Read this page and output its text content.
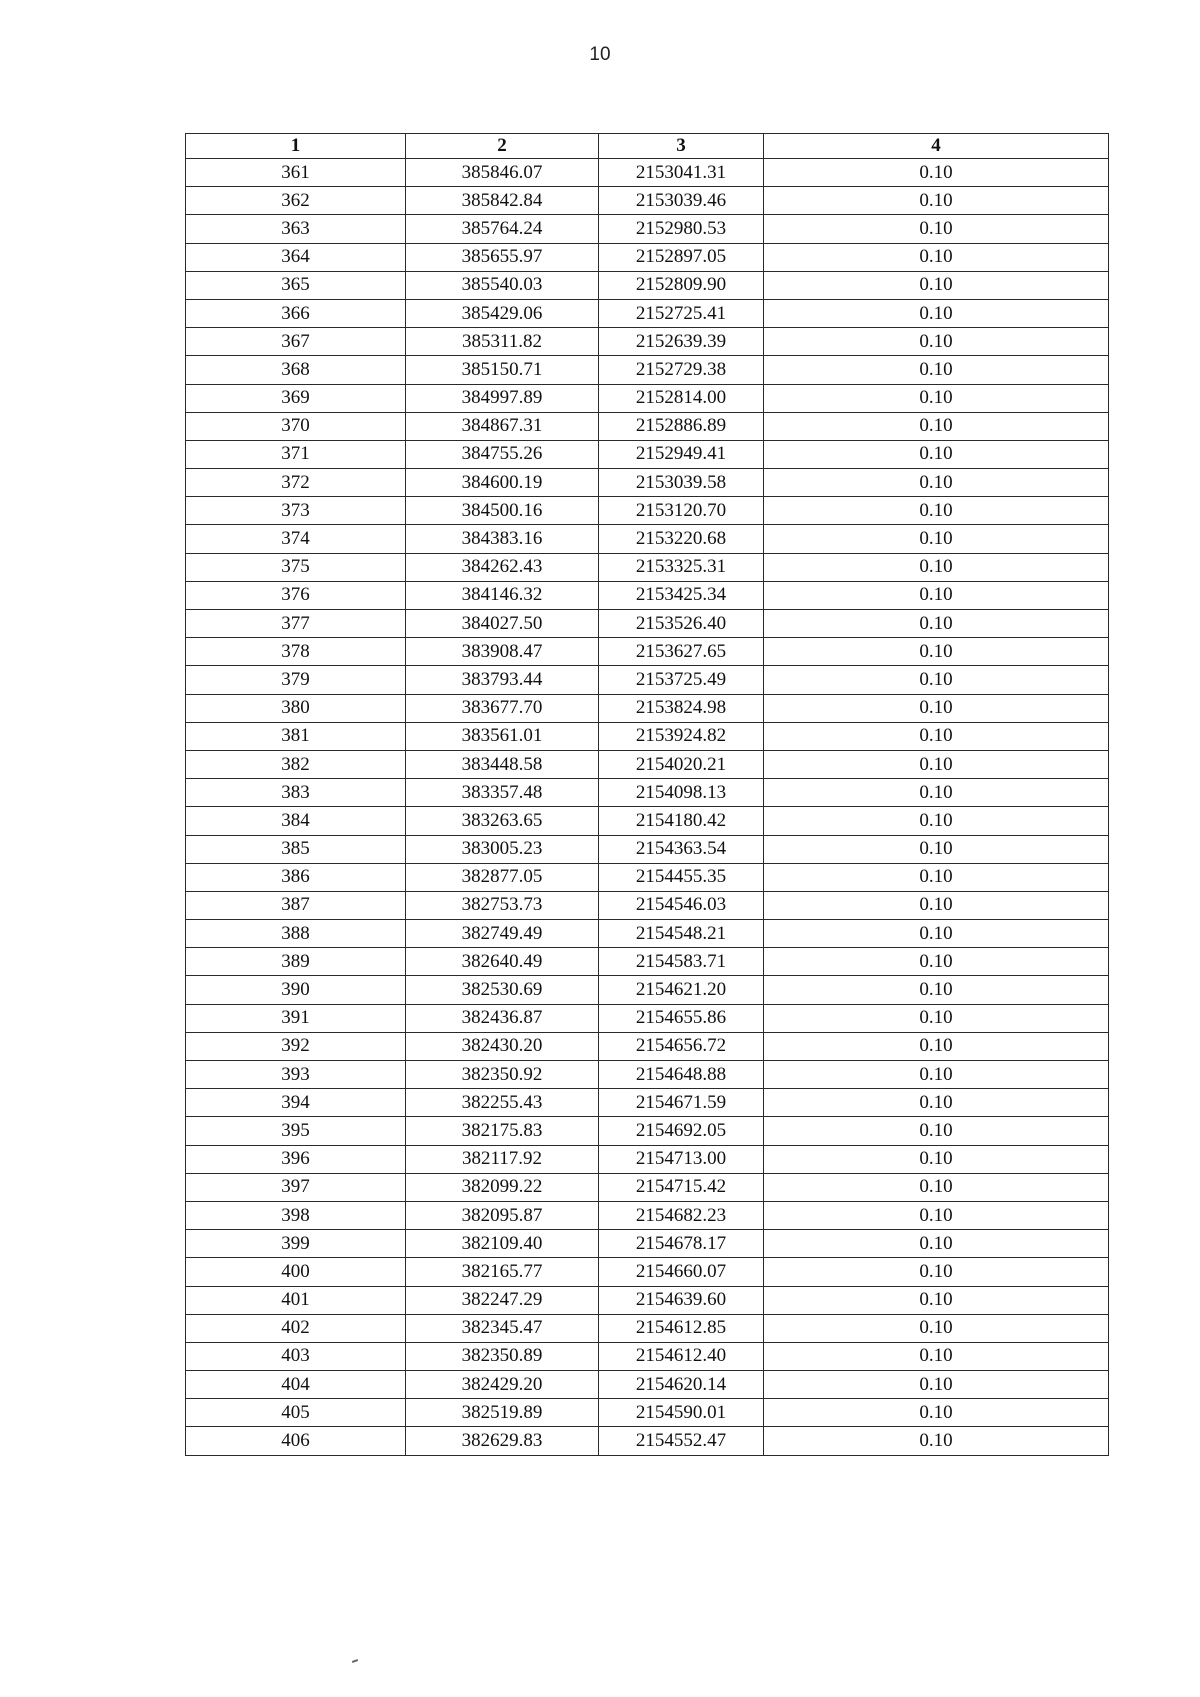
10
1	2	3	4
361	385846.07	2153041.31	0.10
362	385842.84	2153039.46	0.10
363	385764.24	2152980.53	0.10
364	385655.97	2152897.05	0.10
365	385540.03	2152809.90	0.10
366	385429.06	2152725.41	0.10
367	385311.82	2152639.39	0.10
368	385150.71	2152729.38	0.10
369	384997.89	2152814.00	0.10
370	384867.31	2152886.89	0.10
371	384755.26	2152949.41	0.10
372	384600.19	2153039.58	0.10
373	384500.16	2153120.70	0.10
374	384383.16	2153220.68	0.10
375	384262.43	2153325.31	0.10
376	384146.32	2153425.34	0.10
377	384027.50	2153526.40	0.10
378	383908.47	2153627.65	0.10
379	383793.44	2153725.49	0.10
380	383677.70	2153824.98	0.10
381	383561.01	2153924.82	0.10
382	383448.58	2154020.21	0.10
383	383357.48	2154098.13	0.10
384	383263.65	2154180.42	0.10
385	383005.23	2154363.54	0.10
386	382877.05	2154455.35	0.10
387	382753.73	2154546.03	0.10
388	382749.49	2154548.21	0.10
389	382640.49	2154583.71	0.10
390	382530.69	2154621.20	0.10
391	382436.87	2154655.86	0.10
392	382430.20	2154656.72	0.10
393	382350.92	2154648.88	0.10
394	382255.43	2154671.59	0.10
395	382175.83	2154692.05	0.10
396	382117.92	2154713.00	0.10
397	382099.22	2154715.42	0.10
398	382095.87	2154682.23	0.10
399	382109.40	2154678.17	0.10
400	382165.77	2154660.07	0.10
401	382247.29	2154639.60	0.10
402	382345.47	2154612.85	0.10
403	382350.89	2154612.40	0.10
404	382429.20	2154620.14	0.10
405	382519.89	2154590.01	0.10
406	382629.83	2154552.47	0.10
